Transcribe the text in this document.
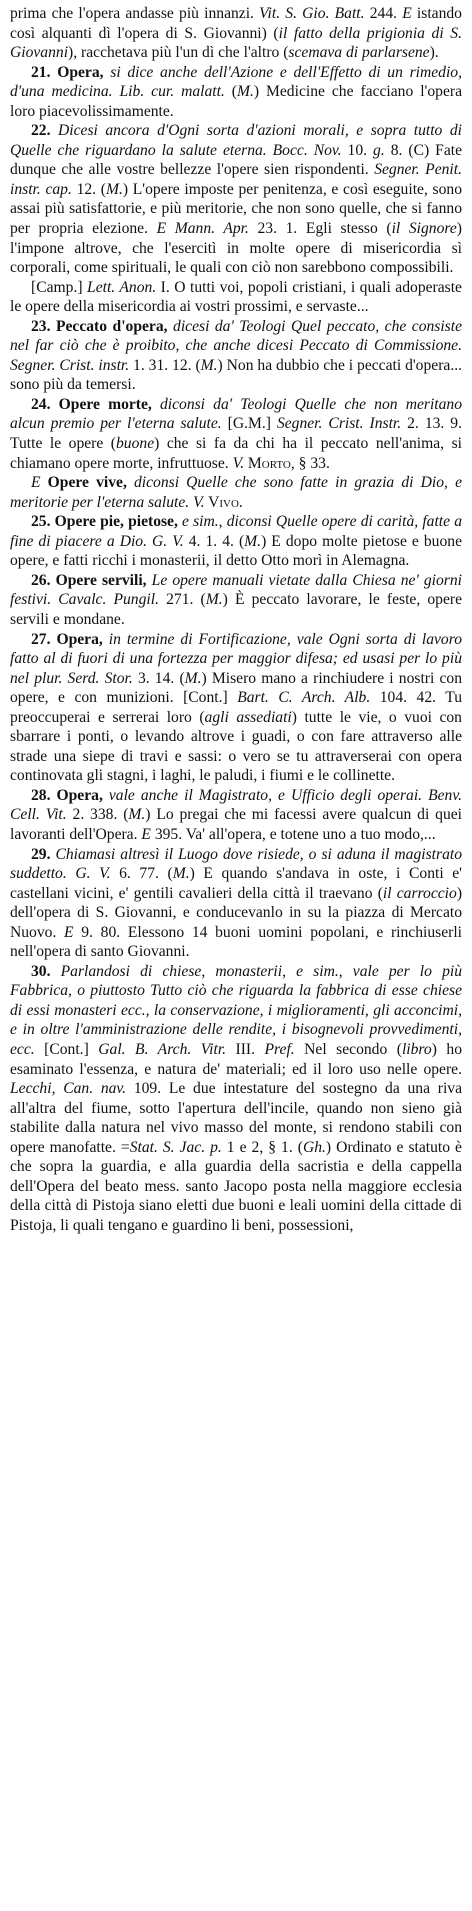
prima che l'opera andasse più innanzi. Vit. S. Gio. Batt. 244. E istando così alquanti dì l'opera di S. Giovanni) (il fatto della prigionia di S. Giovanni), racchetava più l'un dì che l'altro (scemava di parlarsene).

21. Opera, si dice anche dell'Azione e dell'Effetto di un rimedio, d'una medicina. Lib. cur. malatt. (M.) Medicine che facciano l'opera loro piacevolissimamente.

22. Dicesi ancora d'Ogni sorta d'azioni morali, e sopra tutto di Quelle che riguardano la salute eterna. Bocc. Nov. 10. g. 8. (C) Fate dunque che alle vostre bellezze l'opere sien rispondenti. Segner. Penit. instr. cap. 12. (M.) L'opere imposte per penitenza, e così eseguite, sono assai più satisfattorie, e più meritorie, che non sono quelle, che si fanno per propria elezione. E Mann. Apr. 23. 1. Egli stesso (il Signore) l'impone altrove, che l'esercitì in molte opere di misericordia sì corporali, come spirituali, le quali con ciò non sarebbono compossibili.

[Camp.] Lett. Anon. I. O tutti voi, popoli cristiani, i quali adoperaste le opere della misericordia ai vostri prossimi, e servaste...

23. Peccato d'opera, dicesi da' Teologi Quel peccato, che consiste nel far ciò che è proibito, che anche dicesi Peccato di Commissione. Segner. Crist. instr. 1. 31. 12. (M.) Non ha dubbio che i peccati d'opera... sono più da temersi.

24. Opere morte, diconsi da' Teologi Quelle che non meritano alcun premio per l'eterna salute. [G.M.] Segner. Crist. Instr. 2. 13. 9. Tutte le opere (buone) che si fa da chi ha il peccato nell'anima, si chiamano opere morte, infruttuose. V. Morto, § 33.

E Opere vive, diconsi Quelle che sono fatte in grazia di Dio, e meritorie per l'eterna salute. V. Vivo.

25. Opere pie, pietose, e sim., diconsi Quelle opere di carità, fatte a fine di piacere a Dio. G. V. 4. 1. 4. (M.) E dopo molte pietose e buone opere, e fatti ricchi i monasterii, il detto Otto morì in Alemagna.

26. Opere servili, Le opere manuali vietate dalla Chiesa ne' giorni festivi. Cavalc. Pungil. 271. (M.) È peccato lavorare, le feste, opere servili e mondane.

27. Opera, in termine di Fortificazione, vale Ogni sorta di lavoro fatto al di fuori di una fortezza per maggior difesa; ed usasi per lo più nel plur. Serd. Stor. 3. 14. (M.) Misero mano a rinchiudere i nostri con opere, e con munizioni. [Cont.] Bart. C. Arch. Alb. 104. 42. Tu preoccuperai e serrerai loro (agli assediati) tutte le vie, o vuoi con sbarrare i ponti, o levando altrove i guadi, o con fare attraverso alle strade una siepe di travi e sassi: o vero se tu attraverserai con opera continovata gli stagni, i laghi, le paludi, i fiumi e le collinette.

28. Opera, vale anche il Magistrato, e Ufficio degli operai. Benv. Cell. Vit. 2. 338. (M.) Lo pregai che mi facessi avere qualcun di quei lavoranti dell'Opera. E 395. Va' all'opera, e totene uno a tuo modo,...

29. Chiamasi altresì il Luogo dove risiede, o si aduna il magistrato suddetto. G. V. 6. 77. (M.) E quando s'andava in oste, i Conti e' castellani vicini, e' gentili cavalieri della città il traevano (il carroccio) dell'opera di S. Giovanni, e conducevanlo in su la piazza di Mercato Nuovo. E 9. 80. Elessono 14 buoni uomini popolani, e rinchiuserli nell'opera di santo Giovanni.

30. Parlandosi di chiese, monasterii, e sim., vale per lo più Fabbrica, o piuttosto Tutto ciò che riguarda la fabbrica di esse chiese di essi monasteri ecc., la conservazione, i miglioramenti, gli acconcimi, e in oltre l'amministrazione delle rendite, i bisognevoli provvedimenti, ecc. [Cont.] Gal. B. Arch. Vitr. III. Pref. Nel secondo (libro) ho esaminato l'essenza, e natura de' materiali; ed il loro uso nelle opere. Lecchi, Can. nav. 109. Le due intestature del sostegno da una riva all'altra del fiume, sotto l'apertura dell'incile, quando non sieno già stabilite dalla natura nel vivo masso del monte, si rendono stabili con opere manofatte. =Stat. S. Jac. p. 1 e 2, § 1. (Gh.) Ordinato e statuto è che sopra la guardia, e alla guardia della sacristia e della cappella dell'Opera del beato mess. santo Jacopo posta nella maggiore ecclesia della città di Pistoja siano eletti due buoni e leali uomini della cittade di Pistoja, li quali tengano e guardino li beni, possessioni,
